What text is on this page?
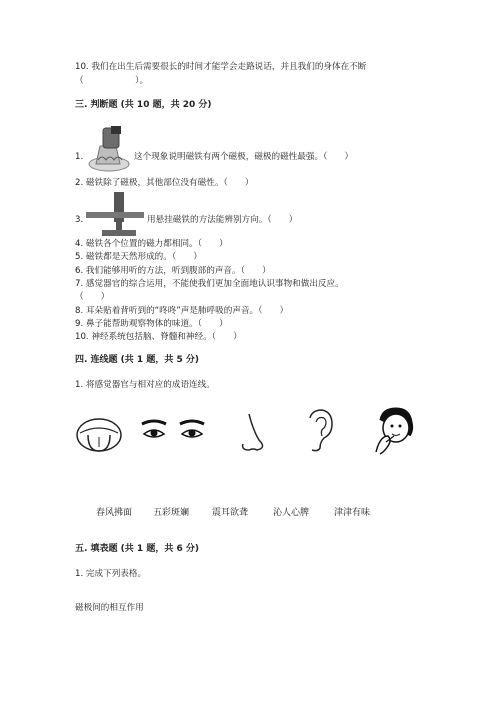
10. 我们在出生后需要很长的时间才能学会走路说话，并且我们的身体在不断
（　　　　　　）。
三. 判断题 (共 10 题，共 20 分)
1.	这个现象说明磁铁有两个磁极，磁极的磁性最强。（　　）
2. 磁铁除了磁极，其他部位没有磁性。（　　）
3.	用悬挂磁铁的方法能辨别方向。（　　）
4. 磁铁各个位置的磁力都相同。（　　）
5. 磁铁都是天然形成的。（　　）
6. 我们能够用听的方法，听到腹部的声音。（　　）
7. 感觉器官的综合运用，不能使我们更加全面地认识事物和做出反应。
（　　）
8. 耳朵贴着背听到的“咚咚”声是肺呼吸的声音。（　　）
9. 鼻子能帮助观察物体的味道。（　　）
10. 神经系统包括脑、脊髓和神经。（　　）
四. 连线题 (共 1 题，共 5 分)
1. 将感觉器官与相对应的成语连线。
春风拂面 五彩斑斓	震耳欲聋	沁人心脾	津津有味
五. 填表题 (共 1 题，共 6 分)
1. 完成下列表格。
磁极间的相互作用
